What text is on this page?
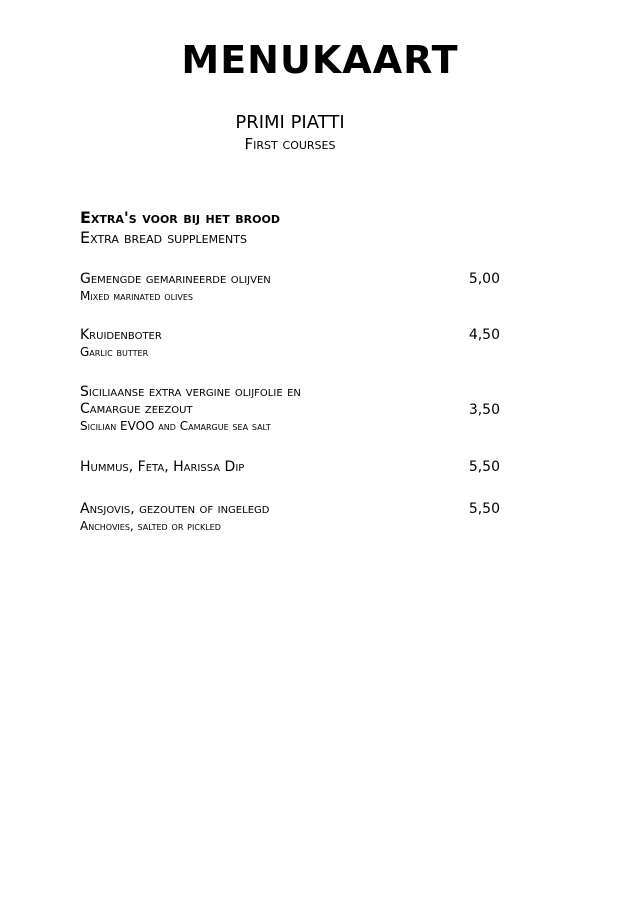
MENUKAART
PRIMI PIATTI
First courses
Extra's voor bij het brood
Extra bread supplements
Gemengde gemarineerde olijven
Mixed marinated olives
5,00
Kruidenboter
Garlic butter
4,50
Siciliaanse extra vergine olijfolie en
Camargue zeezout
Sicilian EVOO and Camargue sea salt
3,50
Hummus, Feta, Harissa Dip	5,50
Ansjovis, gezouten of ingelegd
Anchovies, salted or pickled
5,50
